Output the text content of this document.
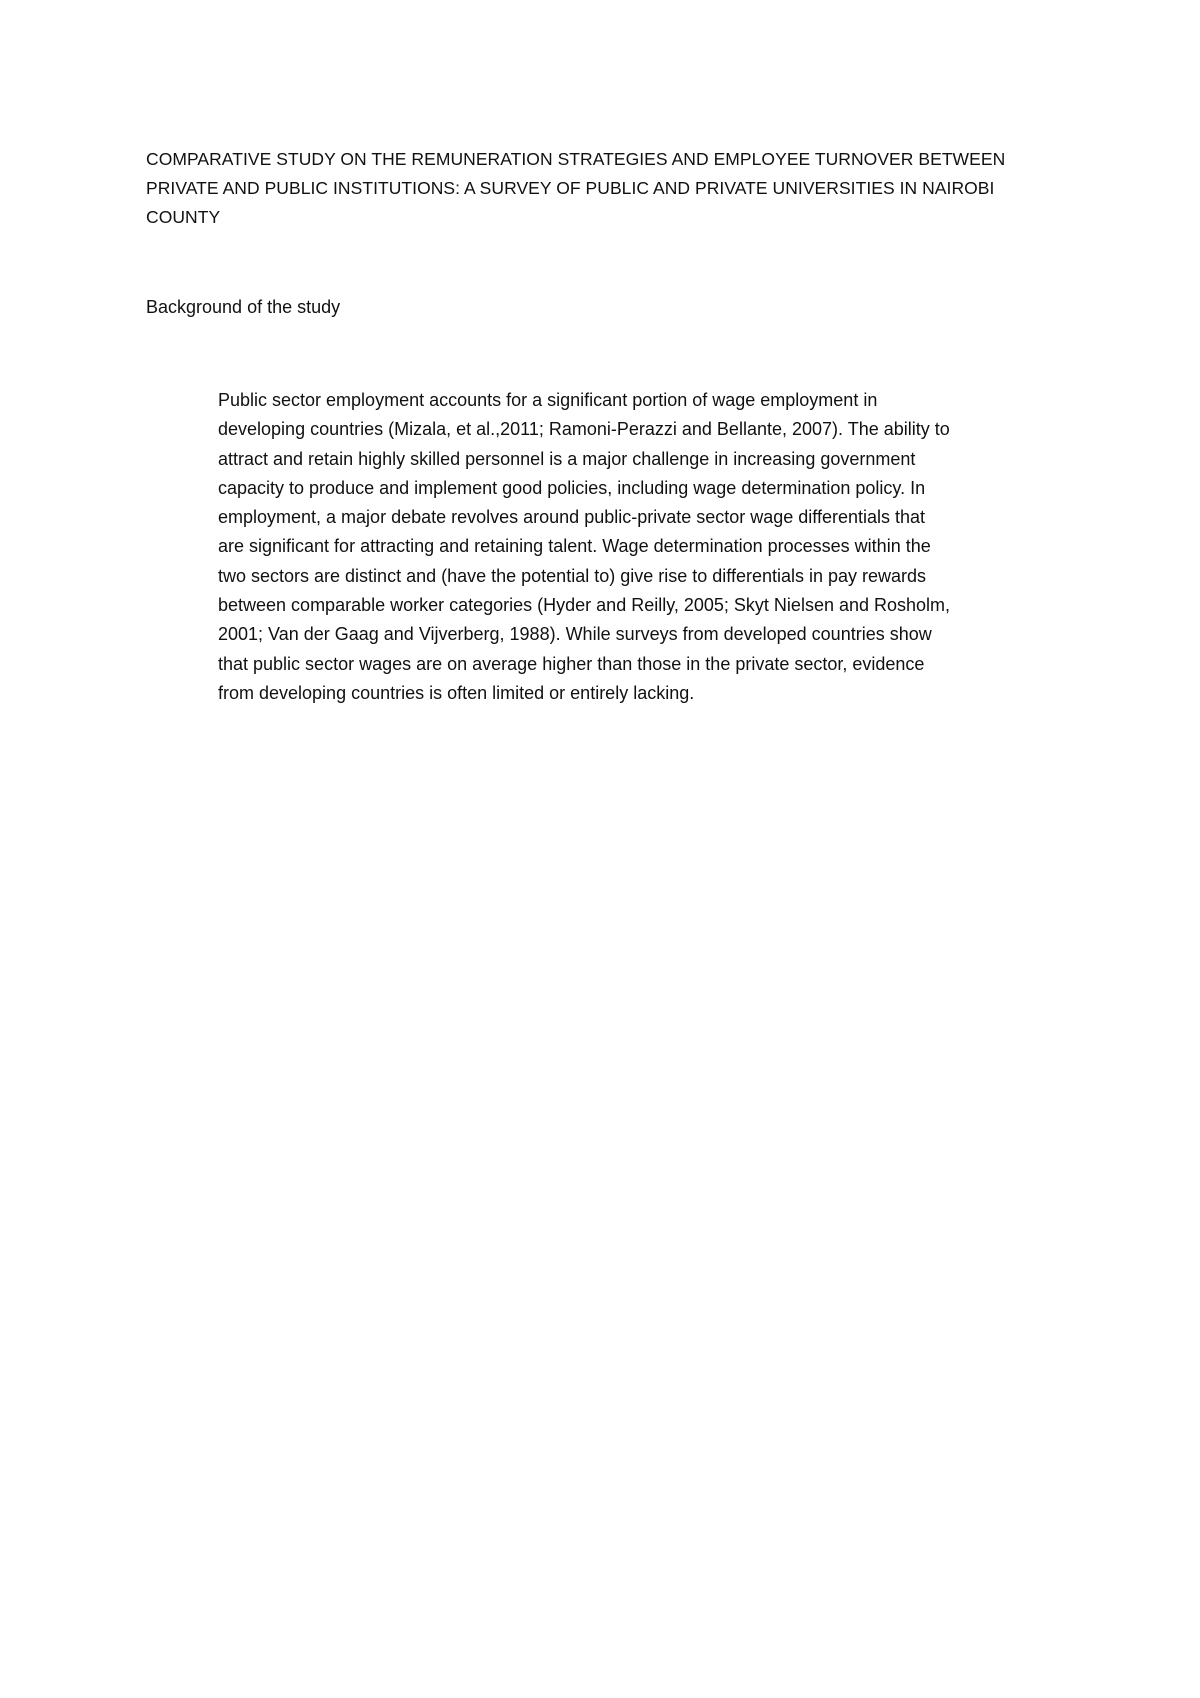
COMPARATIVE STUDY ON THE REMUNERATION STRATEGIES AND EMPLOYEE TURNOVER BETWEEN
PRIVATE AND PUBLIC INSTITUTIONS: A SURVEY OF PUBLIC AND PRIVATE UNIVERSITIES IN NAIROBI
COUNTY
Background of the study
Public sector employment accounts for a significant portion of wage employment in
developing countries (Mizala, et al.,2011; Ramoni-Perazzi and Bellante, 2007). The ability to
attract and retain highly skilled personnel is a major challenge in increasing government
capacity to produce and implement good policies, including wage determination policy. In
employment, a major debate revolves around public-private sector wage differentials that
are significant for attracting and retaining talent. Wage determination processes within the
two sectors are distinct and (have the potential to) give rise to differentials in pay rewards
between comparable worker categories (Hyder and Reilly, 2005; Skyt Nielsen and Rosholm,
2001; Van der Gaag and Vijverberg, 1988). While surveys from developed countries show
that public sector wages are on average higher than those in the private sector, evidence
from developing countries is often limited or entirely lacking.
